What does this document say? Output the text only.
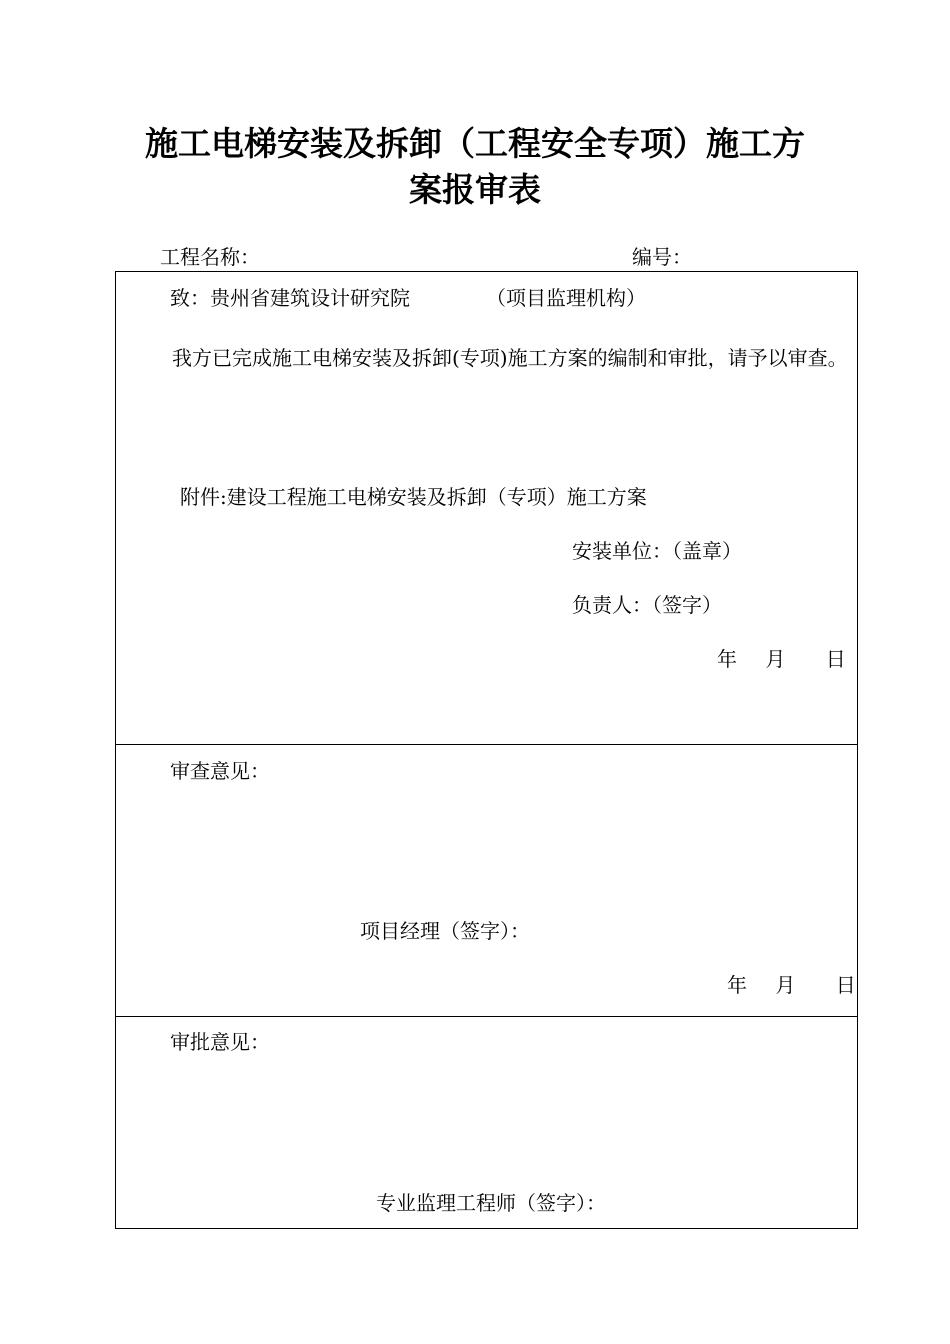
施工电梯安装及拆卸（工程安全专项）施工方
案报审表
工程名称：	编号：
致：贵州省建筑设计研究院	（项目监理机构）
我方已完成施工电梯安装及拆卸(专项)施工方案的编制和审批，请予以审查。
附件:建设工程施工电梯安装及拆卸（专项）施工方案
安装单位：（盖章）
负责人：（签字）
年 月 日
审查意见：
项目经理（签字）：
年 月 日
审批意见：
专业监理工程师（签字）：
